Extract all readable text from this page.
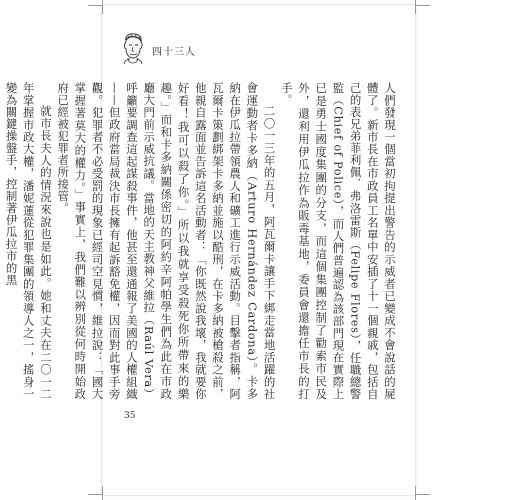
四十三人

人們發現一個當初拘提出警告的示威者已變成不會說話的屍體了。新市長在市政員工名單中安插了十一個親戚，包括自己的表兄弟菲利佩．弗洛雷斯（Felipe Flores），任職總警監（Chief of Police），而人們普遍認為該部門現在實際上已是勇士國度集團的分支，而這個集團控制了勸索市民及外，還利用伊瓜拉作為販毒基地，委員會還擔任市長的打手。

二〇一三年的五月，阿瓦爾卡讓手下綁走當地活躍的社會運動者卡多納（Arturo Hernández Cardona）。卡多納在伊瓜拉帶領農人和礦工進行示威活動。目擊者指稱，阿瓦爾卡策劃綁架卡多納並施以酷刑，在卡多納被槍殺之前，他親自露面並告訴這名活動者：「你既然說我壞，我就要你好看！我可以殺了你。」所以我就享受殺死你所帶來的樂趣。」而和卡多納關係密切的阿約辛阿帕學生們為此在市政廳大門前示威抗議。當地的天主教神父維拉（Raúl Vera）呼籲要調查這起謀殺事件，他甚至還通報了美國的人權組織——但政府當局裁決市長擁有起訴豁免權，因而對此事手旁觀。犯罪者不必受罰的現象已經司空見慣，維拉說：「國大掌握著莫大的權力。」事實上，我們難以辨別從何時開始政府已經被犯罪者所接管。

就市長夫人的情況來說也是如此。她和丈夫在二〇一二年掌握市政大權，潘妮蓮從犯罪集團的領導人之一，搖身一變為關鍵操盤手，控制著伊瓜拉市的黑

35
